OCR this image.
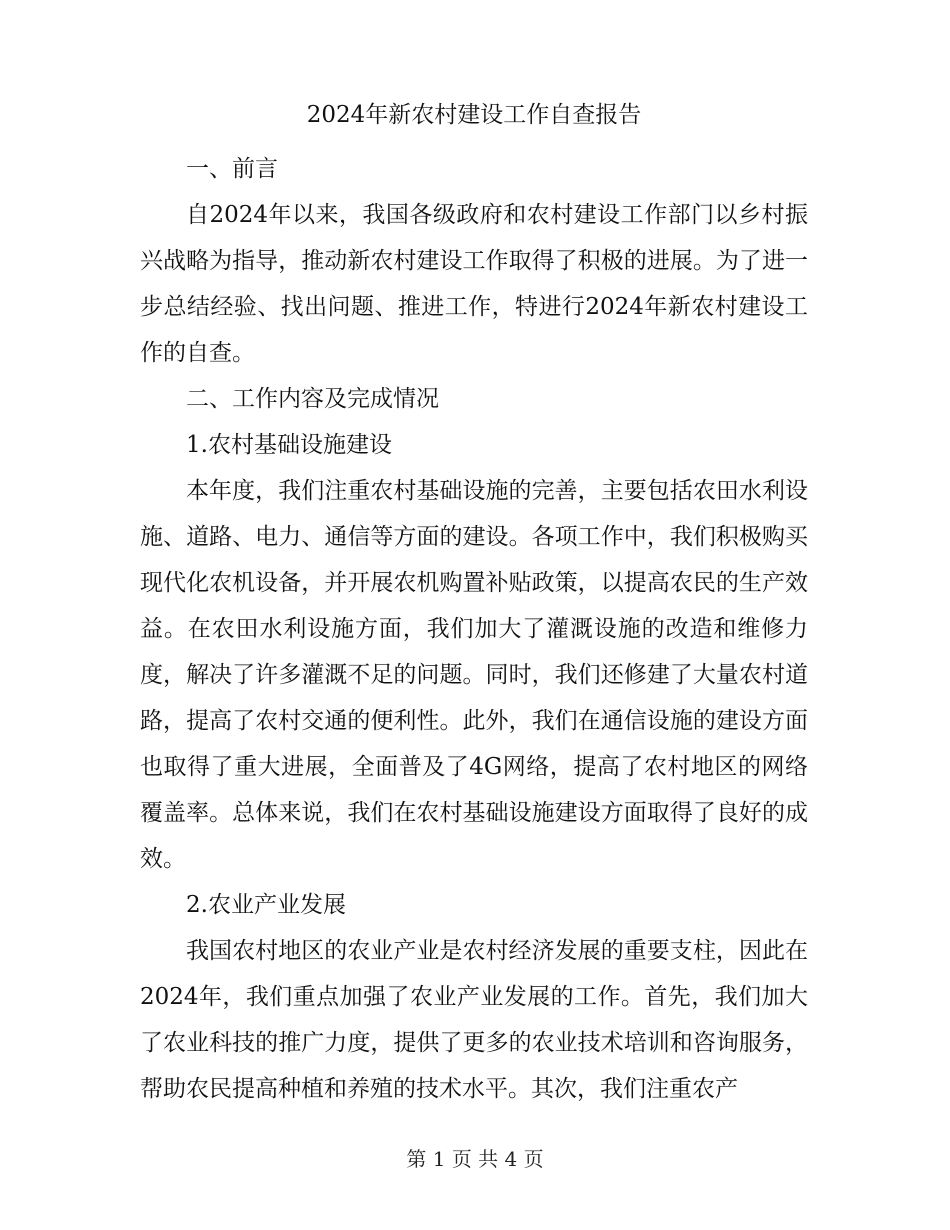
2024年新农村建设工作自查报告

一、前言

自2024年以来，我国各级政府和农村建设工作部门以乡村振兴战略为指导，推动新农村建设工作取得了积极的进展。为了进一步总结经验、找出问题、推进工作，特进行2024年新农村建设工作的自查。

二、工作内容及完成情况

1.农村基础设施建设

本年度，我们注重农村基础设施的完善，主要包括农田水利设施、道路、电力、通信等方面的建设。各项工作中，我们积极购买现代化农机设备，并开展农机购置补贴政策，以提高农民的生产效益。在农田水利设施方面，我们加大了灌溉设施的改造和维修力度，解决了许多灌溉不足的问题。同时，我们还修建了大量农村道路，提高了农村交通的便利性。此外，我们在通信设施的建设方面也取得了重大进展，全面普及了4G网络，提高了农村地区的网络覆盖率。总体来说，我们在农村基础设施建设方面取得了良好的成效。

2.农业产业发展

我国农村地区的农业产业是农村经济发展的重要支柱，因此在2024年，我们重点加强了农业产业发展的工作。首先，我们加大了农业科技的推广力度，提供了更多的农业技术培训和咨询服务，帮助农民提高种植和养殖的技术水平。其次，我们注重农产

第 1 页 共 4 页
